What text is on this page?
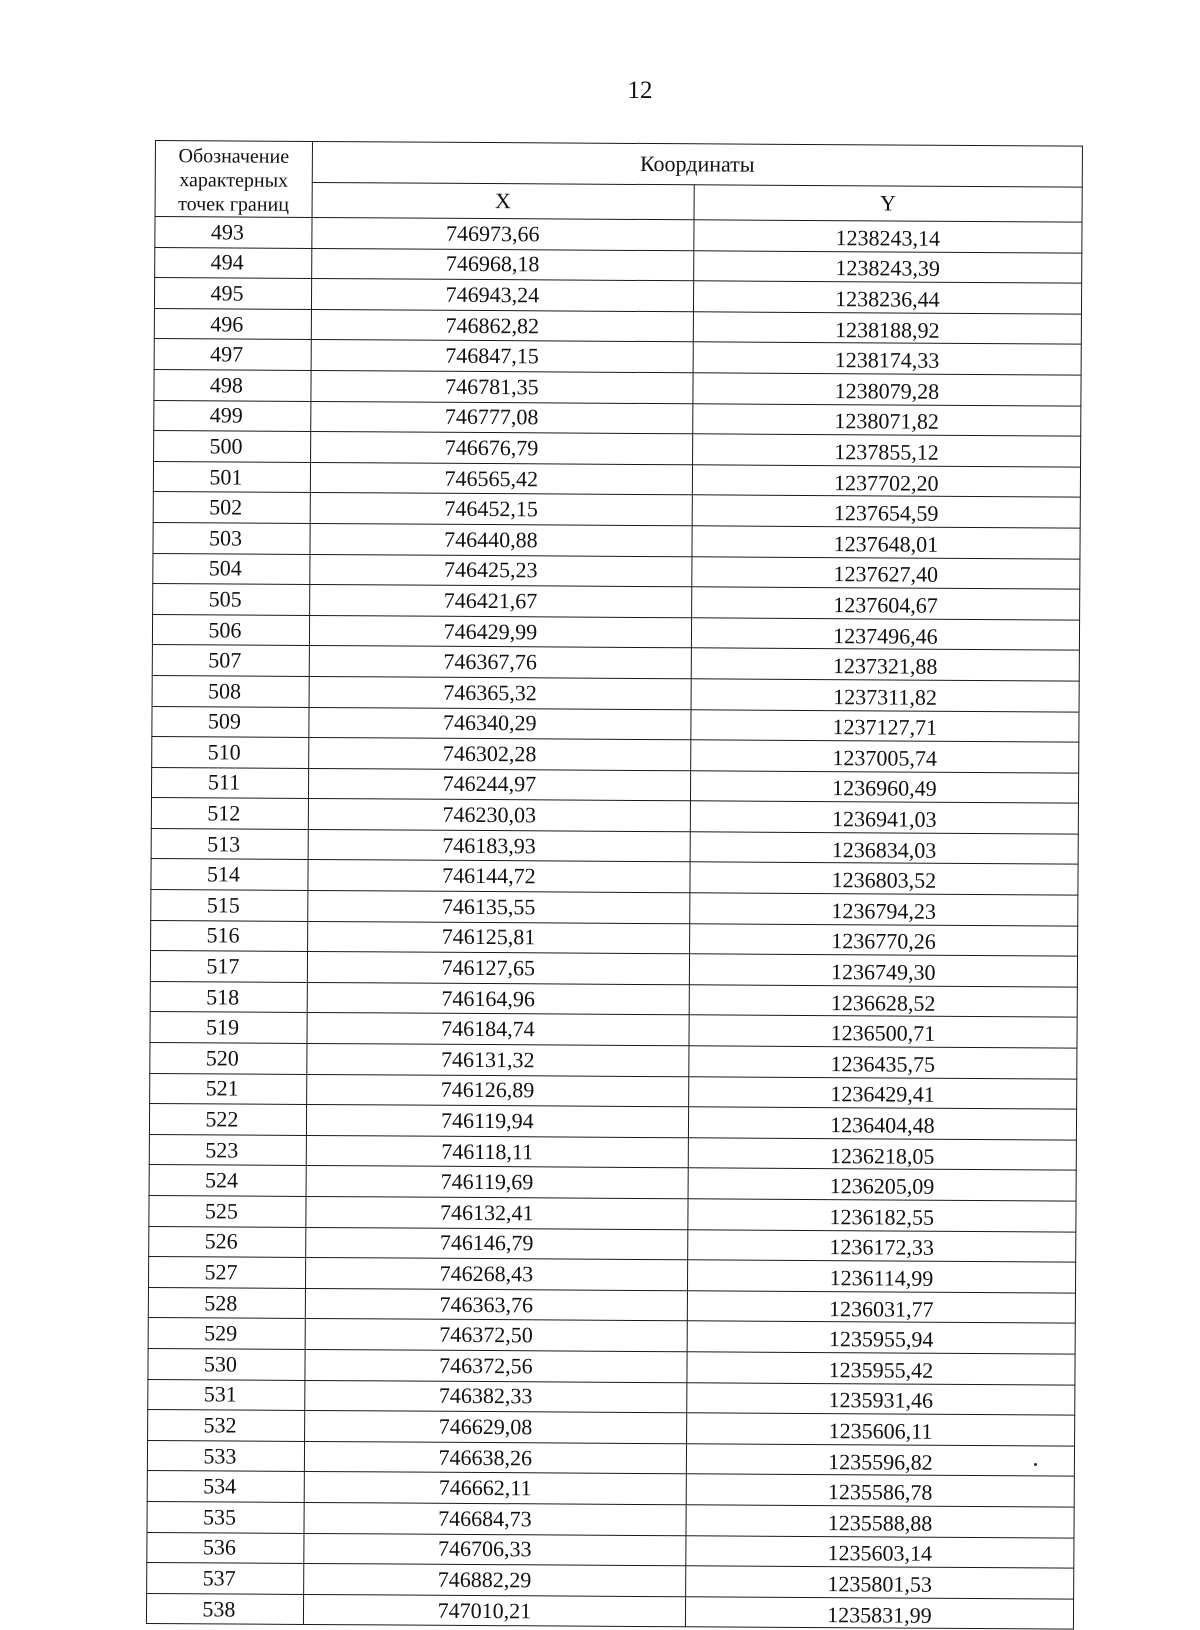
12
Обозначение характерных точек границ	Координаты	
	X	Y
493	746973,66	1238243,14
494	746968,18	1238243,39
495	746943,24	1238236,44
496	746862,82	1238188,92
497	746847,15	1238174,33
498	746781,35	1238079,28
499	746777,08	1238071,82
500	746676,79	1237855,12
501	746565,42	1237702,20
502	746452,15	1237654,59
503	746440,88	1237648,01
504	746425,23	1237627,40
505	746421,67	1237604,67
506	746429,99	1237496,46
507	746367,76	1237321,88
508	746365,32	1237311,82
509	746340,29	1237127,71
510	746302,28	1237005,74
511	746244,97	1236960,49
512	746230,03	1236941,03
513	746183,93	1236834,03
514	746144,72	1236803,52
515	746135,55	1236794,23
516	746125,81	1236770,26
517	746127,65	1236749,30
518	746164,96	1236628,52
519	746184,74	1236500,71
520	746131,32	1236435,75
521	746126,89	1236429,41
522	746119,94	1236404,48
523	746118,11	1236218,05
524	746119,69	1236205,09
525	746132,41	1236182,55
526	746146,79	1236172,33
527	746268,43	1236114,99
528	746363,76	1236031,77
529	746372,50	1235955,94
530	746372,56	1235955,42
531	746382,33	1235931,46
532	746629,08	1235606,11
533	746638,26	1235596,82
534	746662,11	1235586,78
535	746684,73	1235588,88
536	746706,33	1235603,14
537	746882,29	1235801,53
538	747010,21	1235831,99
